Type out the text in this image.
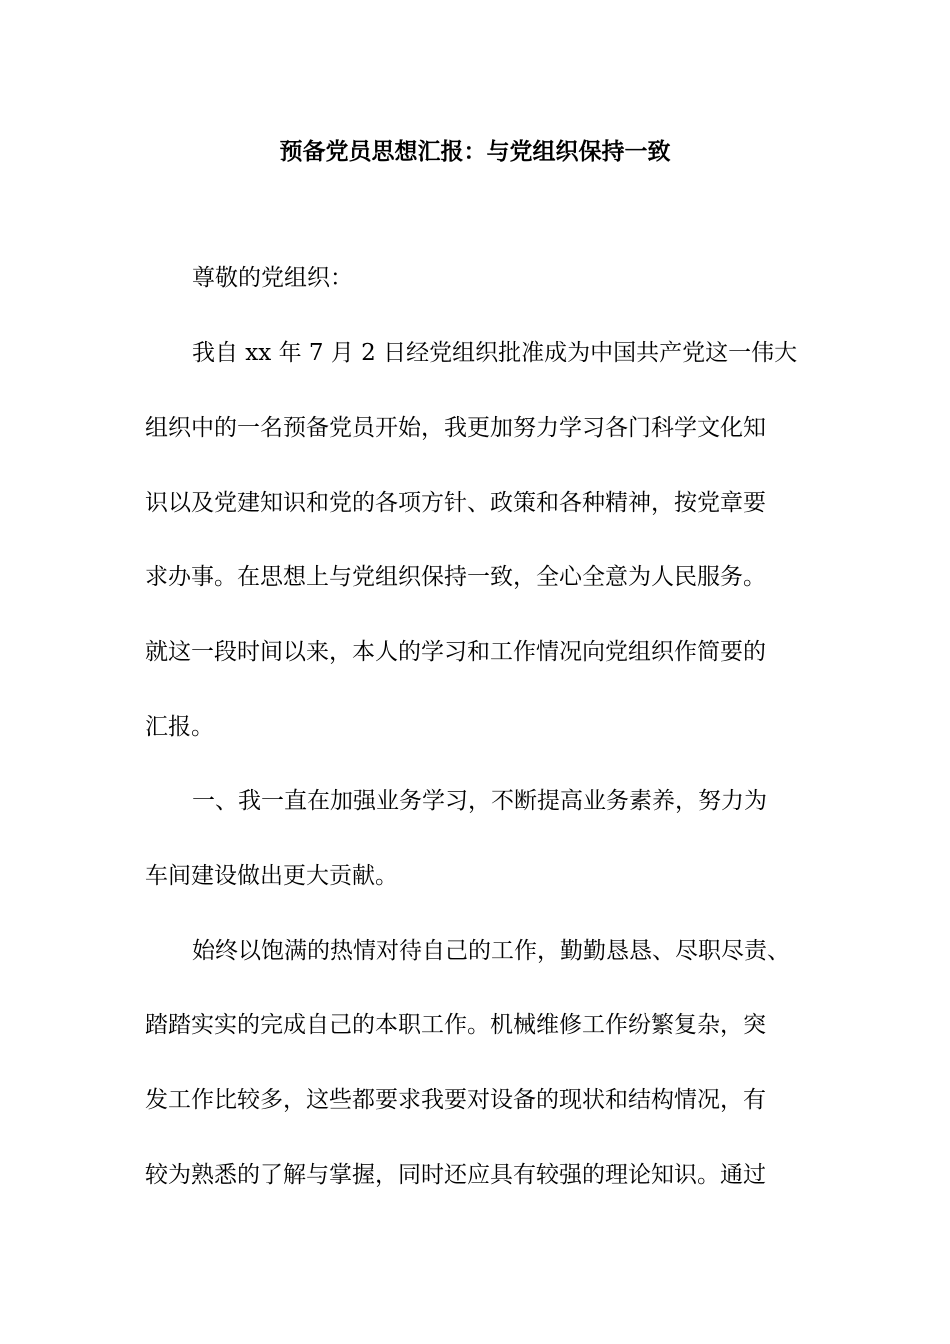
预备党员思想汇报：与党组织保持一致
尊敬的党组织：
我自 xx 年 7 月 2 日经党组织批准成为中国共产党这一伟大
组织中的一名预备党员开始，我更加努力学习各门科学文化知
识以及党建知识和党的各项方针、政策和各种精神，按党章要
求办事。在思想上与党组织保持一致，全心全意为人民服务。
就这一段时间以来，本人的学习和工作情况向党组织作简要的
汇报。
一、我一直在加强业务学习，不断提高业务素养，努力为
车间建设做出更大贡献。
始终以饱满的热情对待自己的工作，勤勤恳恳、尽职尽责、
踏踏实实的完成自己的本职工作。机械维修工作纷繁复杂，突
发工作比较多，这些都要求我要对设备的现状和结构情况，有
较为熟悉的了解与掌握，同时还应具有较强的理论知识。通过
